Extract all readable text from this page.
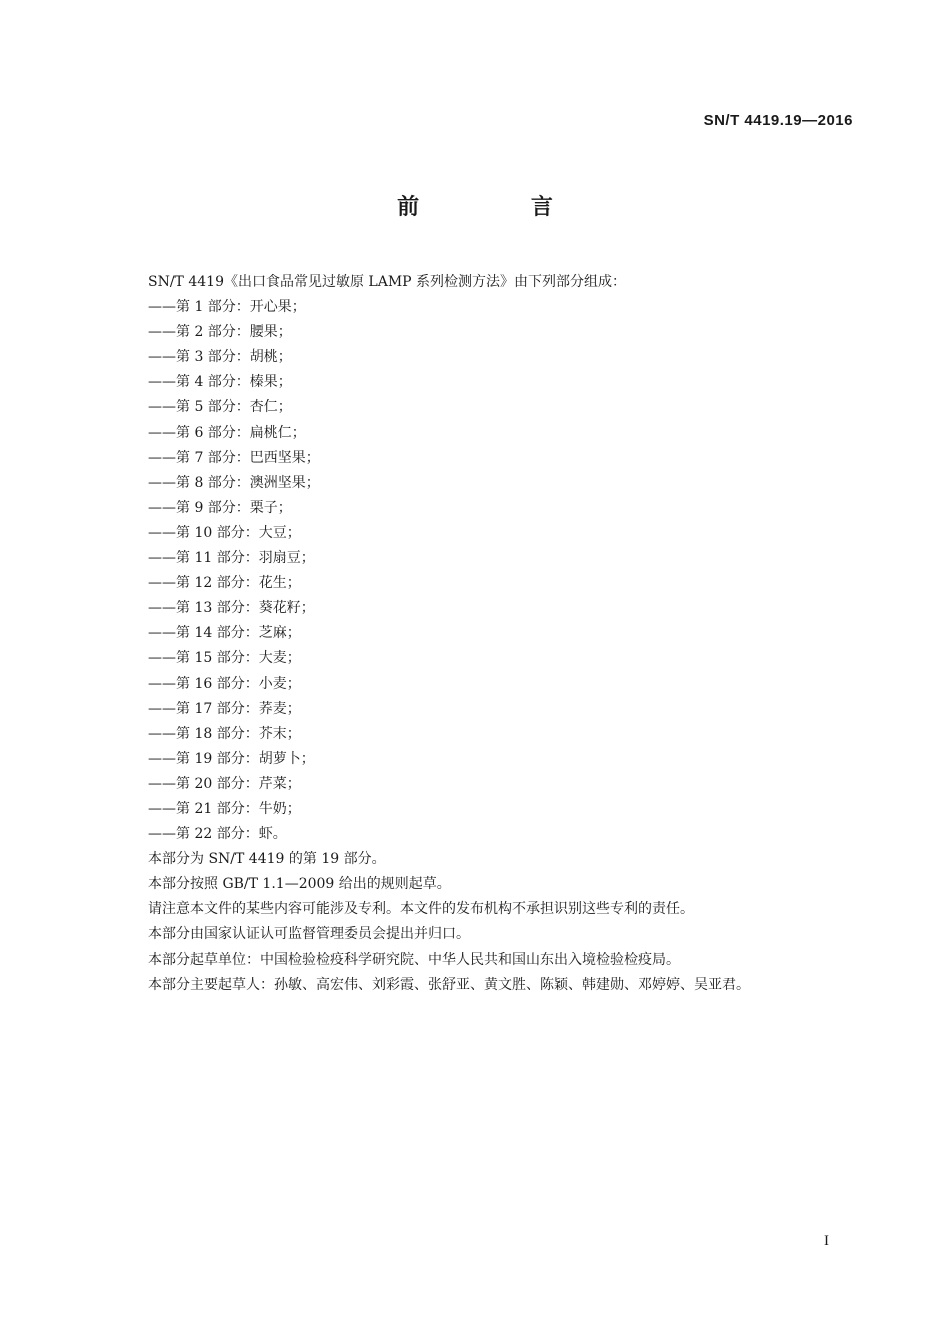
SN/T 4419.19—2016
前 言
SN/T 4419《出口食品常见过敏原 LAMP 系列检测方法》由下列部分组成：
——第 1 部分：开心果；
——第 2 部分：腰果；
——第 3 部分：胡桃；
——第 4 部分：榛果；
——第 5 部分：杏仁；
——第 6 部分：扁桃仁；
——第 7 部分：巴西坚果；
——第 8 部分：澳洲坚果；
——第 9 部分：栗子；
——第 10 部分：大豆；
——第 11 部分：羽扇豆；
——第 12 部分：花生；
——第 13 部分：葵花籽；
——第 14 部分：芝麻；
——第 15 部分：大麦；
——第 16 部分：小麦；
——第 17 部分：荞麦；
——第 18 部分：芥末；
——第 19 部分：胡萝卜；
——第 20 部分：芹菜；
——第 21 部分：牛奶；
——第 22 部分：虾。
本部分为 SN/T 4419 的第 19 部分。
本部分按照 GB/T 1.1—2009 给出的规则起草。
请注意本文件的某些内容可能涉及专利。本文件的发布机构不承担识别这些专利的责任。
本部分由国家认证认可监督管理委员会提出并归口。
本部分起草单位：中国检验检疫科学研究院、中华人民共和国山东出入境检验检疫局。
本部分主要起草人：孙敏、高宏伟、刘彩霞、张舒亚、黄文胜、陈颖、韩建勋、邓婷婷、吴亚君。
I
